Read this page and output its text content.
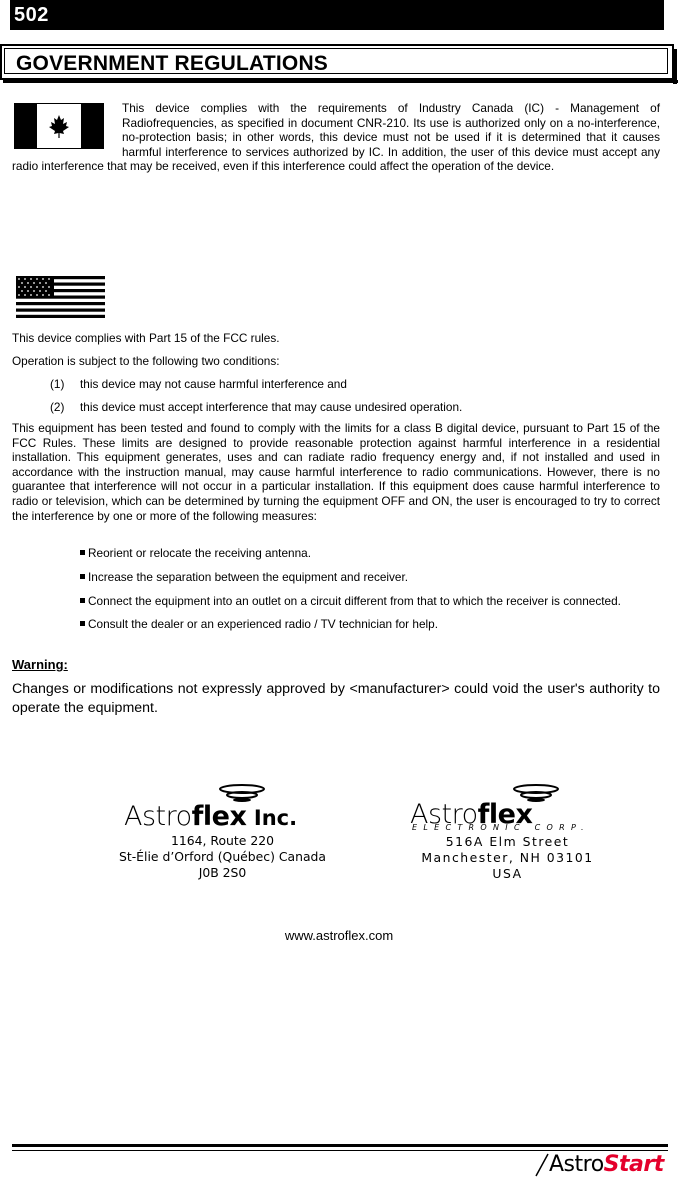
502
GOVERNMENT REGULATIONS
This device complies with the requirements of Industry Canada (IC) - Management of Radiofrequencies, as specified in document CNR-210. Its use is authorized only on a no-interference, no-protection basis; in other words, this device must not be used if it is determined that it causes harmful interference to services authorized by IC. In addition, the user of this device must accept any radio interference that may be received, even if this interference could affect the operation of the device.
This device complies with Part 15 of the FCC rules.
Operation is subject to the following two conditions:
(1) this device may not cause harmful interference and
(2) this device must accept interference that may cause undesired operation.
This equipment has been tested and found to comply with the limits for a class B digital device, pursuant to Part 15 of the FCC Rules. These limits are designed to provide reasonable protection against harmful interference in a residential installation. This equipment generates, uses and can radiate radio frequency energy and, if not installed and used in accordance with the instruction manual, may cause harmful interference to radio communications. However, there is no guarantee that interference will not occur in a particular installation. If this equipment does cause harmful interference to radio or television, which can be determined by turning the equipment OFF and ON, the user is encouraged to try to correct the interference by one or more of the following measures:
Reorient or relocate the receiving antenna.
Increase the separation between the equipment and receiver.
Connect the equipment into an outlet on a circuit different from that to which the receiver is connected.
Consult the dealer or an experienced radio / TV technician for help.
Warning:
Changes or modifications not expressly approved by <manufacturer> could void the user's authority to operate the equipment.
Astroflex Inc.
1164, Route 220
St-Élie d’Orford (Québec) Canada
J0B 2S0
Astroflex
ELECTRONIC CORP.
516A Elm Street
Manchester, NH 03101
USA
www.astroflex.com
AstroStart
